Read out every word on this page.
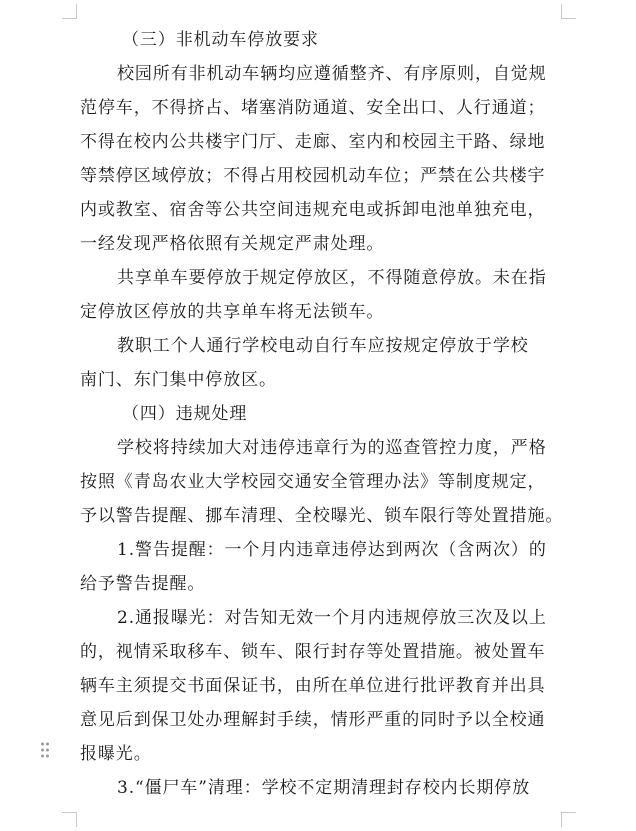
（三）非机动车停放要求
校园所有非机动车辆均应遵循整齐、有序原则，自觉规
范停车，不得挤占、堵塞消防通道、安全出口、人行通道；
不得在校内公共楼宇门厅、走廊、室内和校园主干路、绿地
等禁停区域停放；不得占用校园机动车位；严禁在公共楼宇
内或教室、宿舍等公共空间违规充电或拆卸电池单独充电，
一经发现严格依照有关规定严肃处理。
共享单车要停放于规定停放区，不得随意停放。未在指
定停放区停放的共享单车将无法锁车。
教职工个人通行学校电动自行车应按规定停放于学校
南门、东门集中停放区。
（四）违规处理
学校将持续加大对违停违章行为的巡查管控力度，严格
按照《青岛农业大学校园交通安全管理办法》等制度规定，
予以警告提醒、挪车清理、全校曝光、锁车限行等处置措施。
1.警告提醒：一个月内违章违停达到两次（含两次）的
给予警告提醒。
2.通报曝光：对告知无效一个月内违规停放三次及以上
的，视情采取移车、锁车、限行封存等处置措施。被处置车
辆车主须提交书面保证书，由所在单位进行批评教育并出具
意见后到保卫处办理解封手续，情形严重的同时予以全校通
报曝光。
3.“僵尸车”清理：学校不定期清理封存校内长期停放
